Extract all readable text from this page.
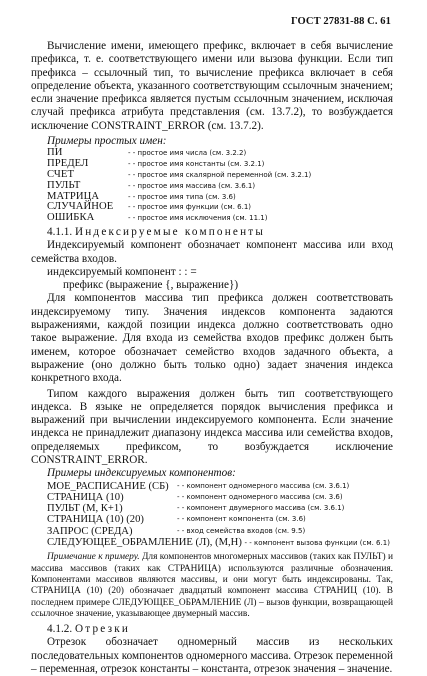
ГОСТ 27831-88 С. 61

Вычисление имени, имеющего префикс, включает в себя вычисление префикса, т. е. соответствующего имени или вызова функции. Если тип префикса – ссылочный тип, то вычисление префикса включает в себя определение объекта, указанного соответствующим ссылочным значением; если значение префикса является пустым ссылочным значением, исключая случай префикса атрибута представления (см. 13.7.2), то возбуждается исключение CONSTRAINT_ERROR (см. 13.7.2).

Примеры простых имен:

ПИ	- - простое имя числа (см. 3.2.2)
ПРЕДЕЛ	- - простое имя константы (см. 3.2.1)
СЧЕТ	- - простое имя скалярной переменной (см. 3.2.1)
ПУЛЬТ	- - простое имя массива (см. 3.6.1)
МАТРИЦА	- - простое имя типа (см. 3.6)
СЛУЧАЙНОЕ	- - простое имя функции (см. 6.1)
ОШИБКА	- - простое имя исключения (см. 11.1)

4.1.1. Индексируемые компоненты

Индексируемый компонент обозначает компонент массива или вход семейства входов.

индексируемый компонент : : =

префикс (выражение {, выражение})

Для компонентов массива тип префикса должен соответствовать индексируемому типу. Значения индексов компонента задаются выражениями, каждой позиции индекса должно соответствовать одно такое выражение. Для входа из семейства входов префикс должен быть именем, которое обозначает семейство входов задачного объекта, а выражение (оно должно быть только одно) задает значения индекса конкретного входа.

Типом каждого выражения должен быть тип соответствующего индекса. В языке не определяется порядок вычисления префикса и выражений при вычислении индексируемого компонента. Если значение индекса не принадлежит диапазону индекса массива или семейства входов, определяемых префиксом, то возбуждается исключение CONSTRAINT_ERROR.

Примеры индексируемых компонентов:

МОЕ_РАСПИСАНИЕ (СБ)	- - компонент одномерного массива (см. 3.6.1)
СТРАНИЦА (10)	- - компонент одномерного массива (см. 3.6)
ПУЛЬТ (М, К+1)	- - компонент двумерного массива (см. 3.6.1)
СТРАНИЦА (10) (20)	- - компонент компонента (см. 3.6)
ЗАПРОС (СРЕДА)	- - вход семейства входов (см. 9.5)

СЛЕДУЮЩЕЕ_ОБРАМЛЕНИЕ (Л), (М,Н) - - компонент вызова функции (см. 6.1)

Примечание к примеру. Для компонентов многомерных массивов (таких как ПУЛЬТ) и массива массивов (таких как СТРАНИЦА) используются различные обозначения. Компонентами массивов являются массивы, и они могут быть индексированы. Так, СТРАНИЦА (10) (20) обозначает двадцатый компонент массива СТРАНИЦ (10). В последнем примере СЛЕДУЮЩЕЕ_ОБРАМЛЕНИЕ (Л) – вызов функции, возвращающей ссылочное значение, указывающее двумерный массив.

4.1.2. Отрезки

Отрезок обозначает одномерный массив из нескольких последовательных компонентов одномерного массива. Отрезок переменной – переменная, отрезок константы – константа, отрезок значения – значение.
